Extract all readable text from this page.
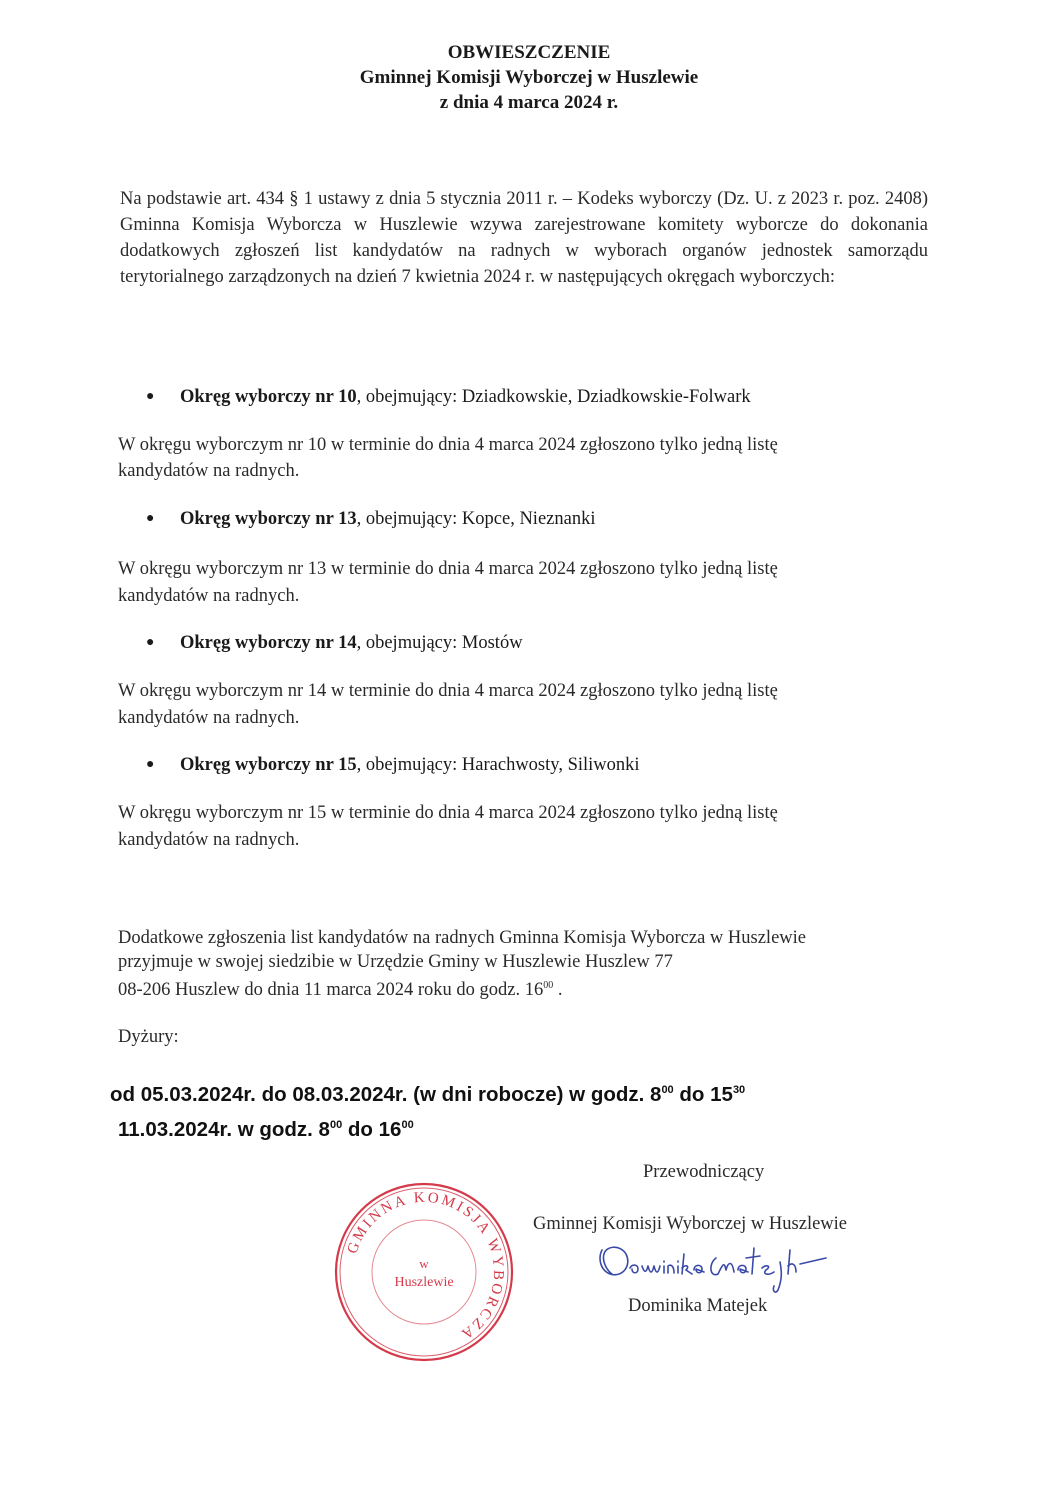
OBWIESZCZENIE
Gminnej Komisji Wyborczej w Huszlewie
z dnia 4 marca 2024 r.
Na podstawie art. 434 § 1 ustawy z dnia 5 stycznia 2011 r. – Kodeks wyborczy (Dz. U. z 2023 r. poz. 2408) Gminna Komisja Wyborcza w Huszlewie wzywa zarejestrowane komitety wyborcze do dokonania dodatkowych zgłoszeń list kandydatów na radnych w wyborach organów jednostek samorządu terytorialnego zarządzonych na dzień 7 kwietnia 2024 r. w następujących okręgach wyborczych:
● Okręg wyborczy nr 10, obejmujący: Dziadkowskie, Dziadkowskie-Folwark
W okręgu wyborczym nr 10 w terminie do dnia 4 marca 2024 zgłoszono tylko jedną listę
kandydatów na radnych.
● Okręg wyborczy nr 13, obejmujący: Kopce, Nieznanki
W okręgu wyborczym nr 13 w terminie do dnia 4 marca 2024 zgłoszono tylko jedną listę
kandydatów na radnych.
● Okręg wyborczy nr 14, obejmujący: Mostów
W okręgu wyborczym nr 14 w terminie do dnia 4 marca 2024 zgłoszono tylko jedną listę
kandydatów na radnych.
● Okręg wyborczy nr 15, obejmujący: Harachwosty, Siliwonki
W okręgu wyborczym nr 15 w terminie do dnia 4 marca 2024 zgłoszono tylko jedną listę
kandydatów na radnych.
Dodatkowe zgłoszenia list kandydatów na radnych Gminna Komisja Wyborcza w Huszlewie
przyjmuje w swojej siedzibie w Urzędzie Gminy w Huszlewie Huszlew 77
08-206 Huszlew do dnia 11 marca 2024 roku do godz. $16^{00}$ .
Dyżury:
od 05.03.2024r. do 08.03.2024r. (w dni robocze) w godz. $8^{00}$ do $15^{30}$
11.03.2024r. w godz. $8^{00}$ do $16^{00}$
Przewodniczący
Gminnej Komisji Wyborczej w Huszlewie
Dominika Matejek
GMINNA KOMISJA WYBORCZA
w
Huszlewie
